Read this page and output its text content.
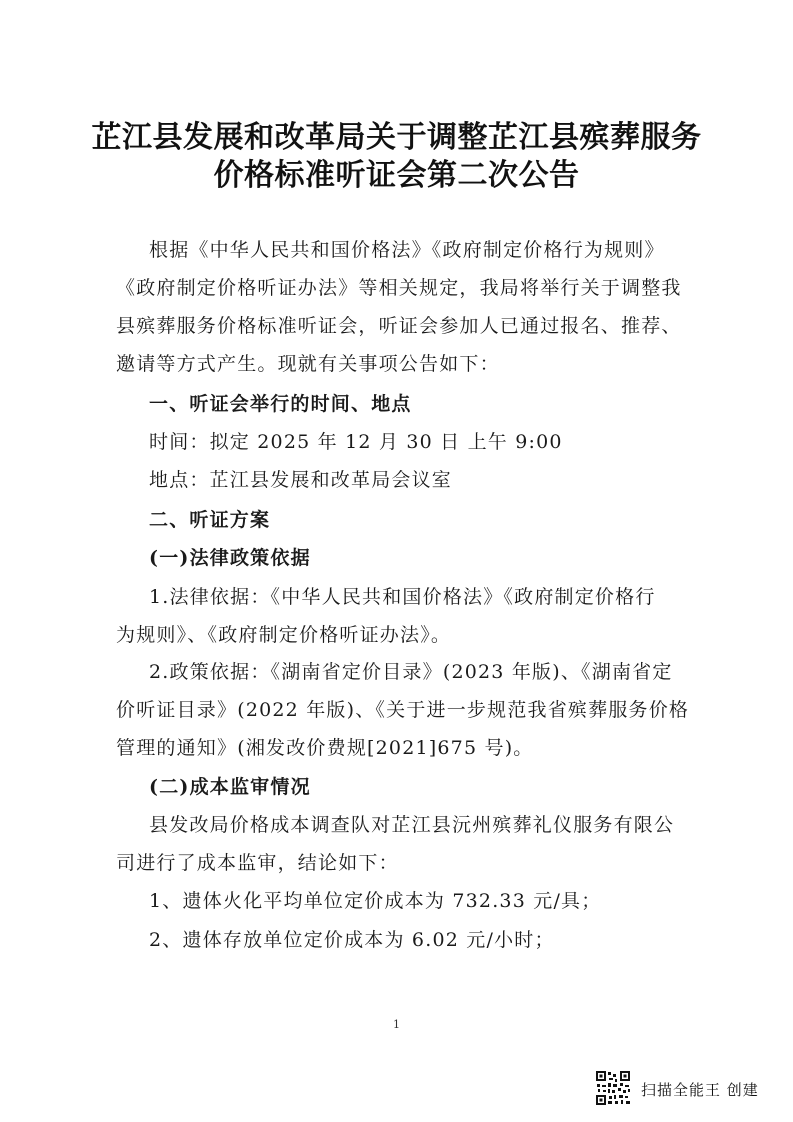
芷江县发展和改革局关于调整芷江县殡葬服务
价格标准听证会第二次公告
根据《中华人民共和国价格法》《政府制定价格行为规则》
《政府制定价格听证办法》等相关规定，我局将举行关于调整我
县殡葬服务价格标准听证会，听证会参加人已通过报名、推荐、
邀请等方式产生。现就有关事项公告如下：
一、听证会举行的时间、地点
时间：拟定 2025 年 12 月 30 日 上午 9:00
地点：芷江县发展和改革局会议室
二、听证方案
(一)法律政策依据
1.法律依据：《中华人民共和国价格法》《政府制定价格行
为规则》、《政府制定价格听证办法》。
2.政策依据：《湖南省定价目录》(2023 年版)、《湖南省定
价听证目录》(2022 年版)、《关于进一步规范我省殡葬服务价格
管理的通知》(湘发改价费规[2021]675 号)。
(二)成本监审情况
县发改局价格成本调查队对芷江县沅州殡葬礼仪服务有限公
司进行了成本监审，结论如下：
1、遗体火化平均单位定价成本为 732.33 元/具；
2、遗体存放单位定价成本为 6.02 元/小时；
1
扫描全能王 创建
